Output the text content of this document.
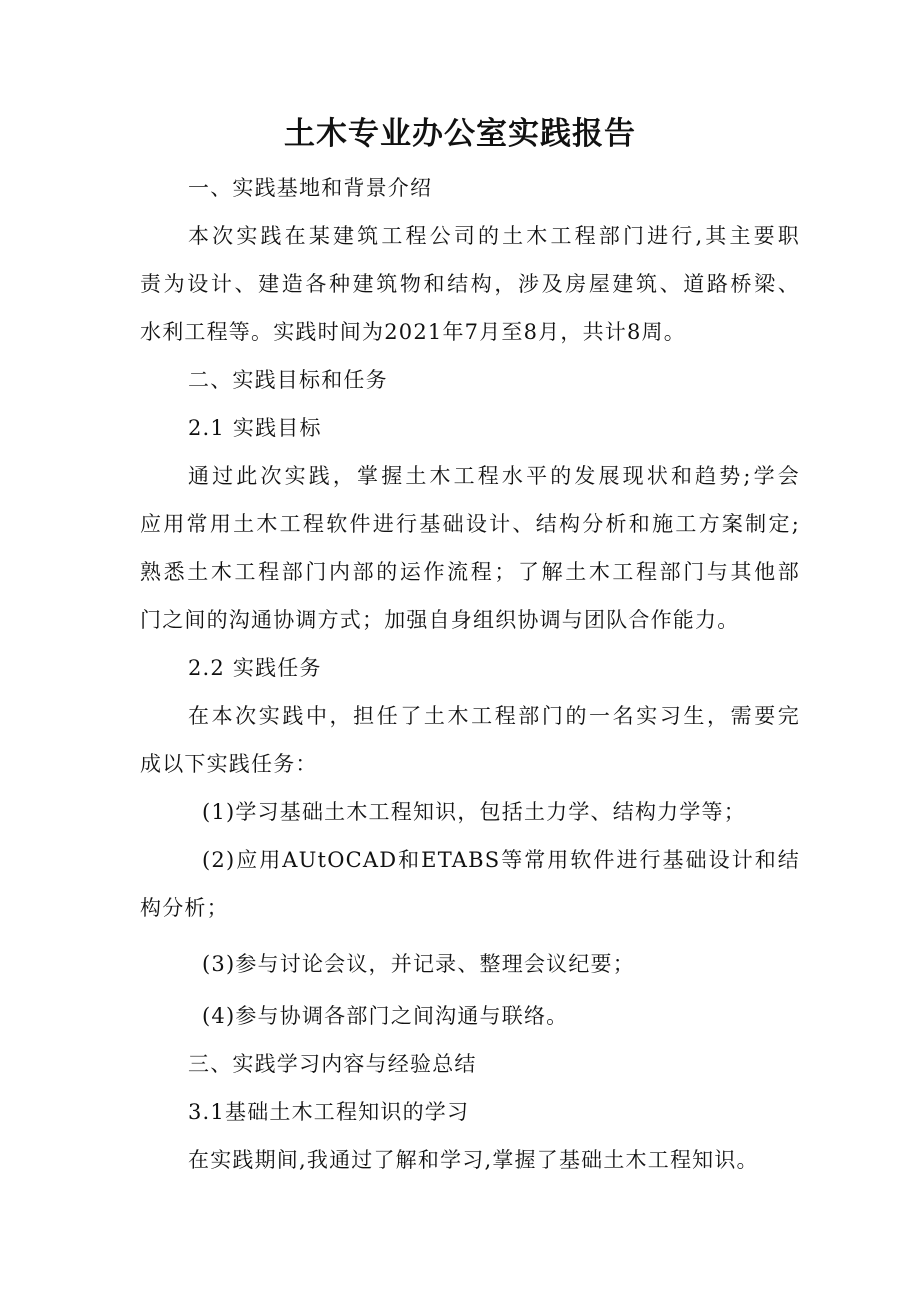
土木专业办公室实践报告

一、实践基地和背景介绍

本次实践在某建筑工程公司的土木工程部门进行,其主要职

责为设计、建造各种建筑物和结构，涉及房屋建筑、道路桥梁、

水利工程等。实践时间为2021年7月至8月，共计8周。

二、实践目标和任务

2.1 实践目标

通过此次实践，掌握土木工程水平的发展现状和趋势;学会

应用常用土木工程软件进行基础设计、结构分析和施工方案制定;

熟悉土木工程部门内部的运作流程；了解土木工程部门与其他部

门之间的沟通协调方式；加强自身组织协调与团队合作能力。

2.2 实践任务

在本次实践中，担任了土木工程部门的一名实习生，需要完

成以下实践任务：

(1)学习基础土木工程知识，包括土力学、结构力学等；

(2)应用AUtOCAD和ETABS等常用软件进行基础设计和结

构分析；

(3)参与讨论会议，并记录、整理会议纪要；

(4)参与协调各部门之间沟通与联络。

三、实践学习内容与经验总结

3.1基础土木工程知识的学习

在实践期间,我通过了解和学习,掌握了基础土木工程知识。
